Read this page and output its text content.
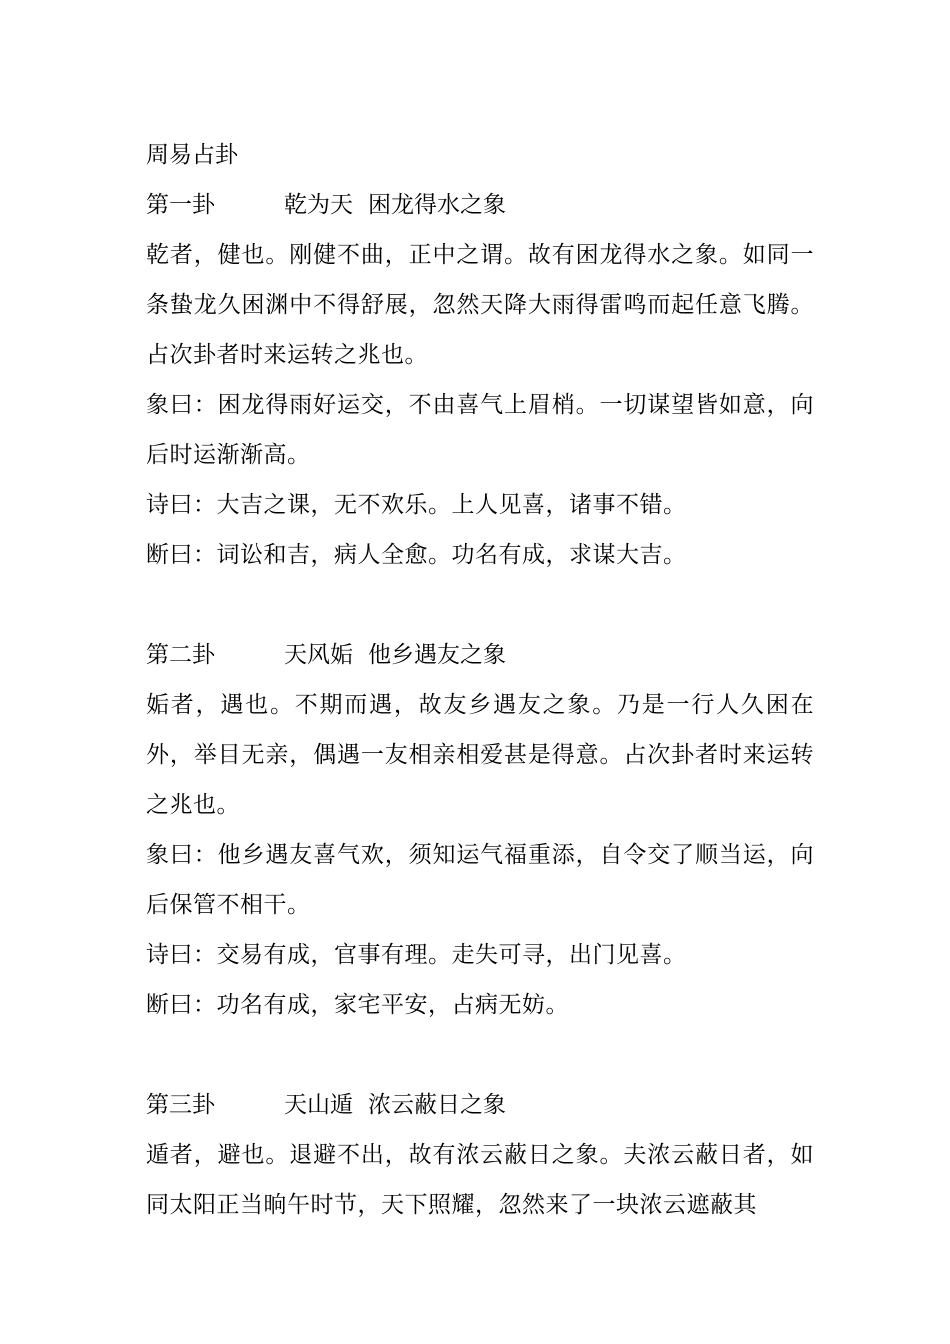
周易占卦
第一卦	乾为天 困龙得水之象

乾者，健也。刚健不曲，正中之谓。故有困龙得水之象。如同一条蛰龙久困渊中不得舒展，忽然天降大雨得雷鸣而起任意飞腾。占次卦者时来运转之兆也。

象曰：困龙得雨好运交，不由喜气上眉梢。一切谋望皆如意，向后时运渐渐高。

诗曰：大吉之课，无不欢乐。上人见喜，诸事不错。

断曰：词讼和吉，病人全愈。功名有成，求谋大吉。

第二卦	天风姤 他乡遇友之象

姤者，遇也。不期而遇，故友乡遇友之象。乃是一行人久困在外，举目无亲，偶遇一友相亲相爱甚是得意。占次卦者时来运转之兆也。

象曰：他乡遇友喜气欢，须知运气福重添，自令交了顺当运，向后保管不相干。

诗曰：交易有成，官事有理。走失可寻，出门见喜。

断曰：功名有成，家宅平安，占病无妨。

第三卦	天山遁 浓云蔽日之象

遁者，避也。退避不出，故有浓云蔽日之象。夫浓云蔽日者，如同太阳正当晌午时节，天下照耀，忽然来了一块浓云遮蔽其
